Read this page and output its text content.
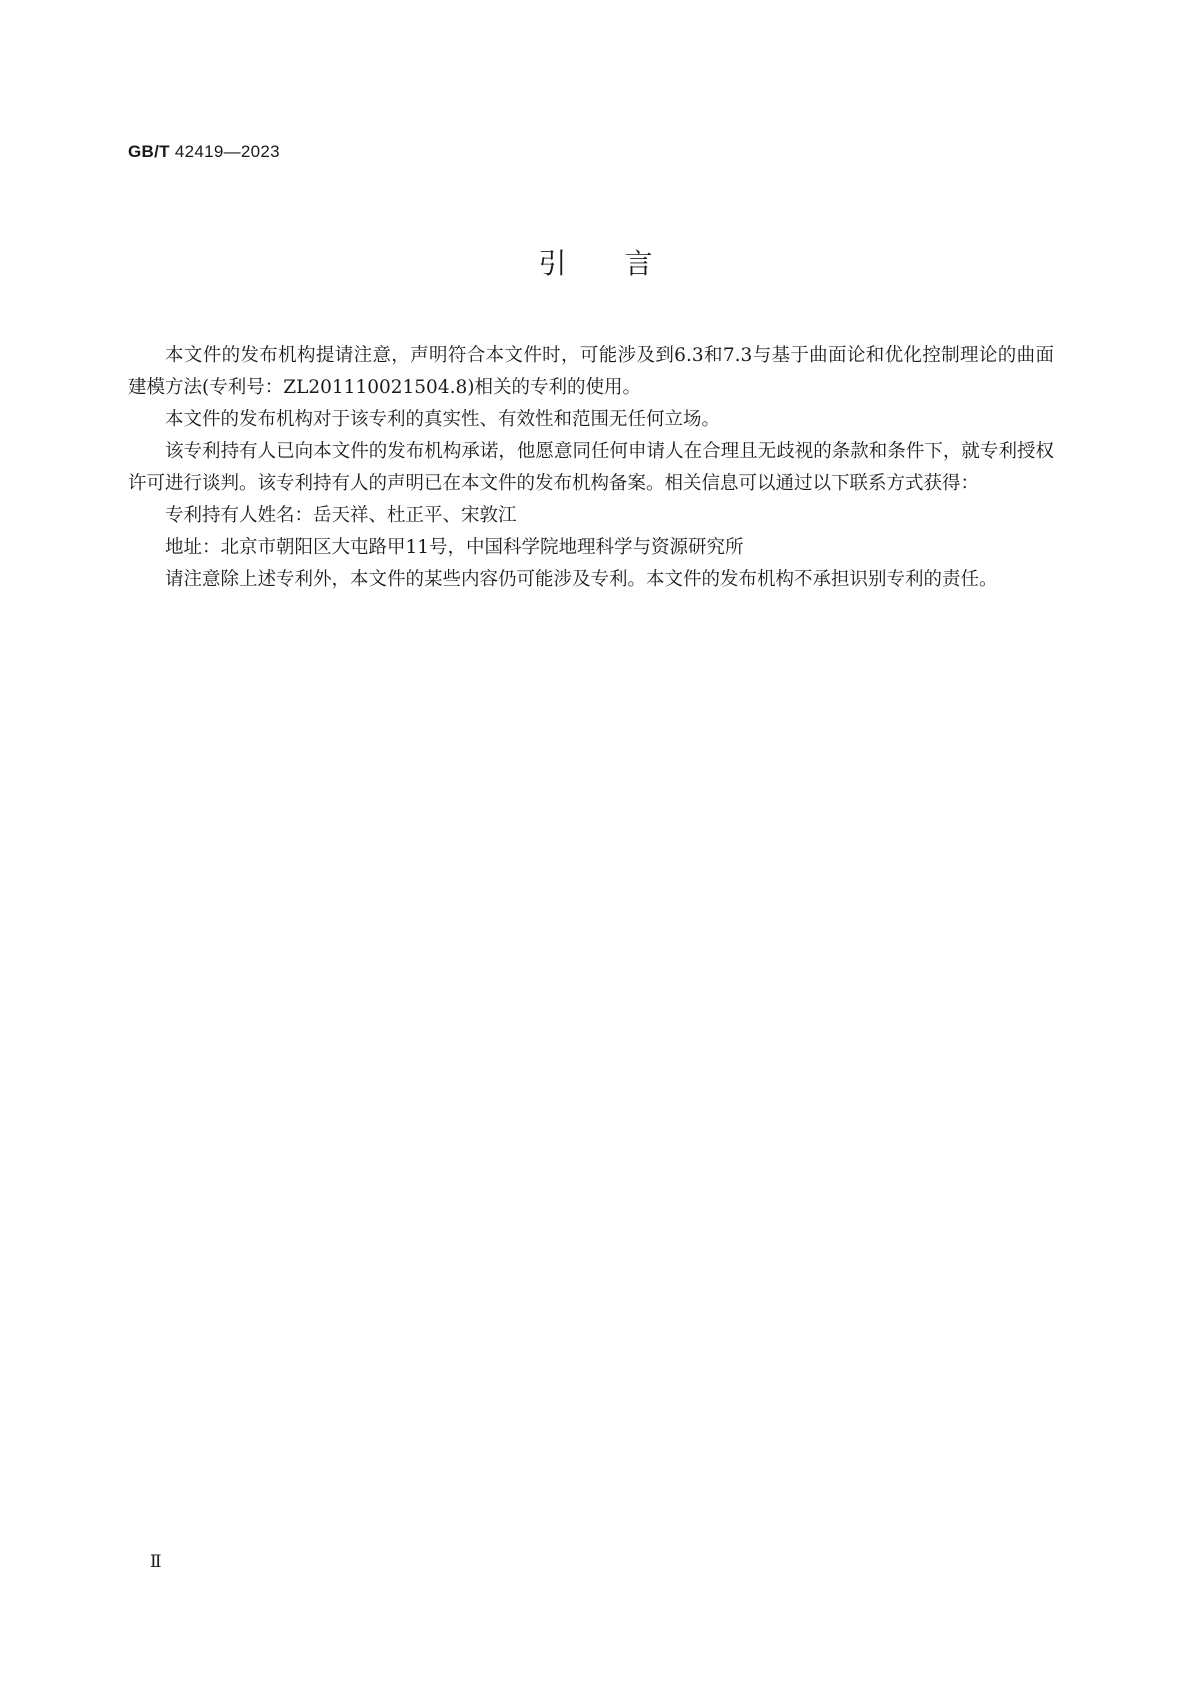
GB/T 42419—2023
引言

本文件的发布机构提请注意，声明符合本文件时，可能涉及到6.3和7.3与基于曲面论和优化控制理论的曲面建模方法(专利号：ZL201110021504.8)相关的专利的使用。

本文件的发布机构对于该专利的真实性、有效性和范围无任何立场。

该专利持有人已向本文件的发布机构承诺，他愿意同任何申请人在合理且无歧视的条款和条件下，就专利授权许可进行谈判。该专利持有人的声明已在本文件的发布机构备案。相关信息可以通过以下联系方式获得：

专利持有人姓名：岳天祥、杜正平、宋敦江

地址：北京市朝阳区大屯路甲11号，中国科学院地理科学与资源研究所

请注意除上述专利外，本文件的某些内容仍可能涉及专利。本文件的发布机构不承担识别专利的责任。

Ⅱ
